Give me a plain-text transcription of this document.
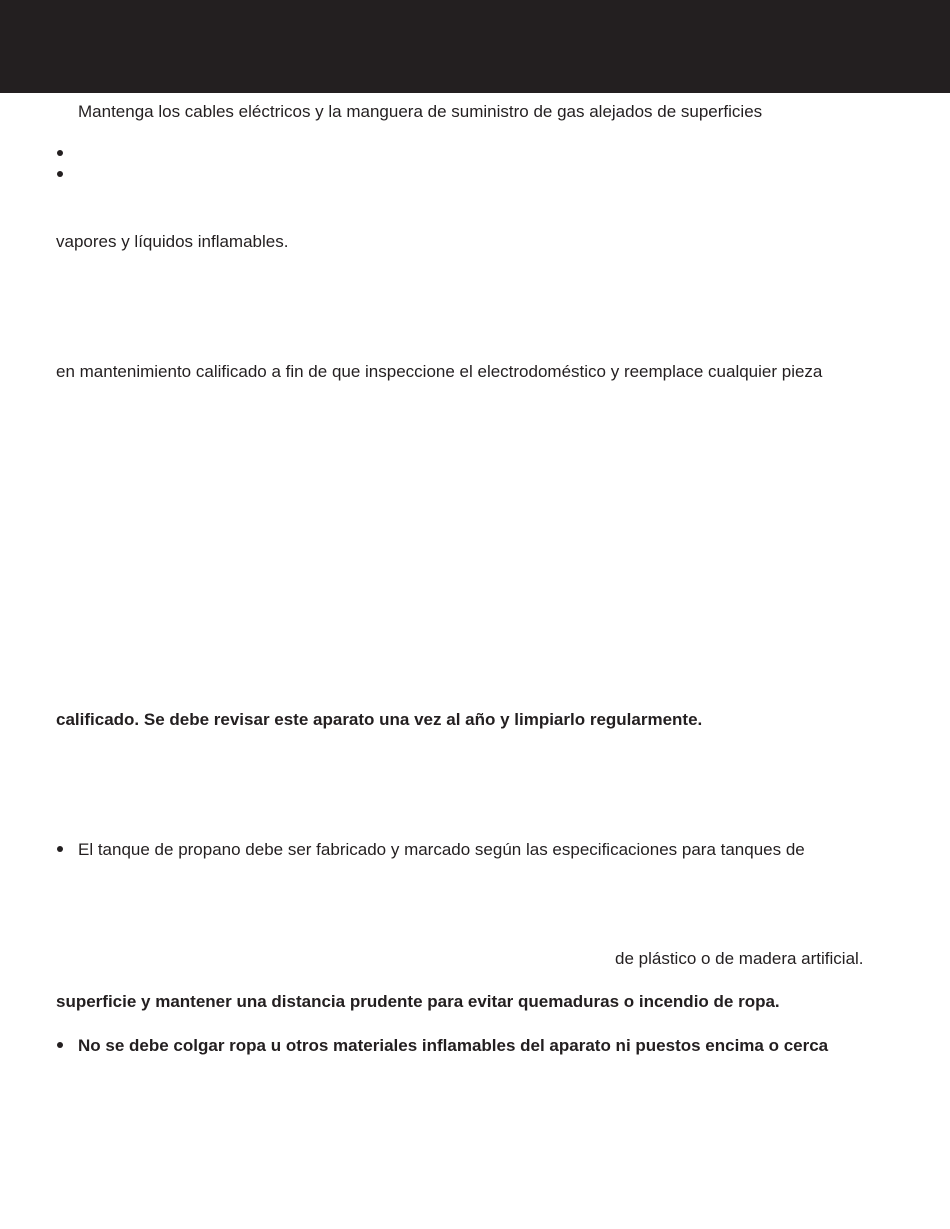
Mantenga los cables eléctricos y la manguera de suministro de gas alejados de superficies

vapores y líquidos inflamables.

en mantenimiento calificado a fin de que inspeccione el electrodoméstico y reemplace cualquier pieza

calificado. Se debe revisar este aparato una vez al año y limpiarlo regularmente.

El tanque de propano debe ser fabricado y marcado según las especificaciones para tanques de

de plástico o de madera artificial.

superficie y mantener una distancia prudente para evitar quemaduras o incendio de ropa.

No se debe colgar ropa u otros materiales inflamables del aparato ni puestos encima o cerca
